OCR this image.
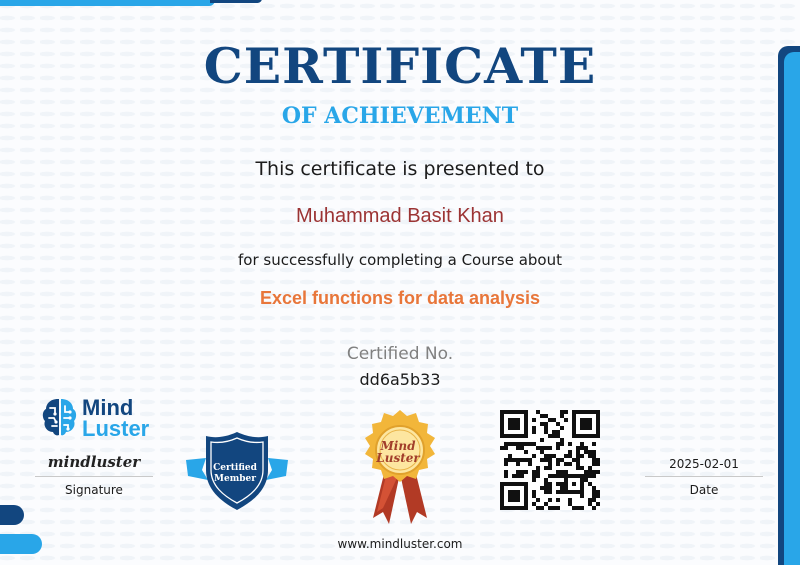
CERTIFICATE
OF ACHIEVEMENT

This certificate is presented to

Muhammad Basit Khan

for successfully completing a Course about

Excel functions for data analysis

Certified No.

dd6a5b33

Mind
Luster
mindluster
Signature
Certified
Member
Mind
Luster	2025-02-01
Date

www.mindluster.com
